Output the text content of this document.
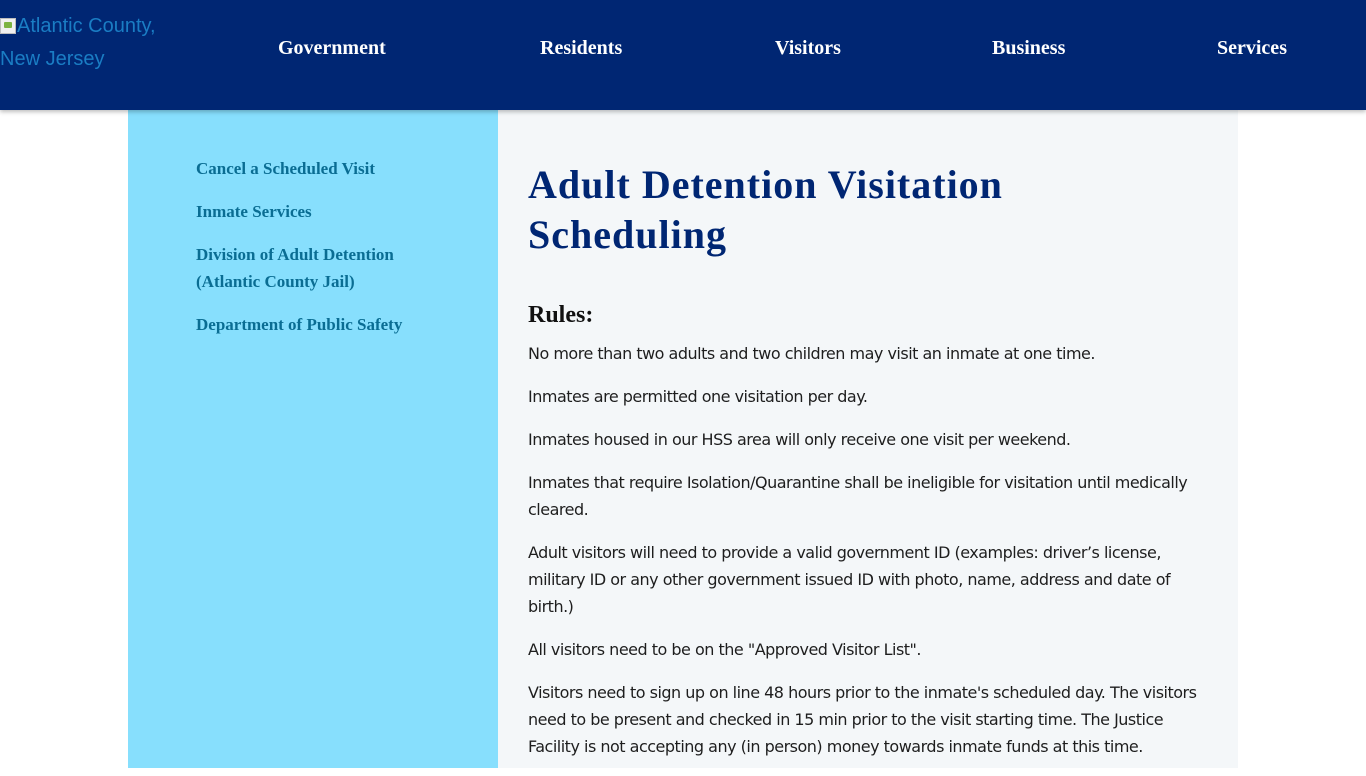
Atlantic County, New Jersey	Government	Residents	Visitors	Business	Services
Cancel a Scheduled Visit
Inmate Services
Division of Adult Detention (Atlantic County Jail)
Department of Public Safety
Adult Detention Visitation Scheduling
Rules:

No more than two adults and two children may visit an inmate at one time.

Inmates are permitted one visitation per day.

Inmates housed in our HSS area will only receive one visit per weekend.

Inmates that require Isolation/Quarantine shall be ineligible for visitation until medically cleared.

Adult visitors will need to provide a valid government ID (examples: driver’s license, military ID or any other government issued ID with photo, name, address and date of birth.)

All visitors need to be on the "Approved Visitor List".

Visitors need to sign up on line 48 hours prior to the inmate's scheduled day. The visitors need to be present and checked in 15 min prior to the visit starting time. The Justice Facility is not accepting any (in person) money towards inmate funds at this time.
